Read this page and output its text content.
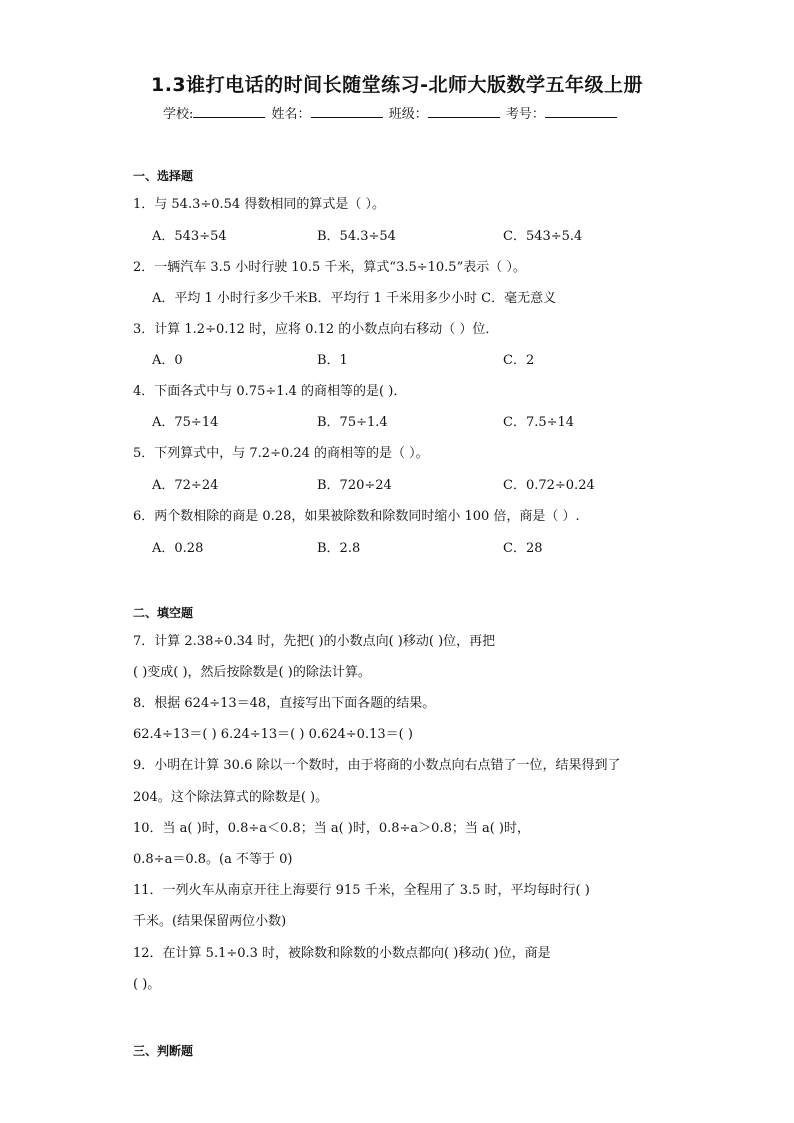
1.3谁打电话的时间长随堂练习-北师大版数学五年级上册
学校:	姓名：	班级：	考号：
一、选择题
1．与 54.3÷0.54 得数相同的算式是（ ）。
A．543÷54	B．54.3÷54	C．543÷5.4
2．一辆汽车 3.5 小时行驶 10.5 千米，算式“3.5÷10.5”表示（ ）。
A．平均 1 小时行多少千米B．平均行 1 千米用多少小时 C．毫无意义
3．计算 1.2÷0.12 时，应将 0.12 的小数点向右移动（ ）位．
A．0	B．1	C．2
4．下面各式中与 0.75÷1.4 的商相等的是( )．
A．75÷14	B．75÷1.4	C．7.5÷14
5．下列算式中，与 7.2÷0.24 的商相等的是（ ）。
A．72÷24	B．720÷24	C．0.72÷0.24
6．两个数相除的商是 0.28，如果被除数和除数同时缩小 100 倍，商是（ ）.
A．0.28	B．2.8	C．28
二、填空题
7．计算 2.38÷0.34 时，先把( )的小数点向( )移动( )位，再把
( )变成( )，然后按除数是( )的除法计算。
8．根据 624÷13＝48，直接写出下面各题的结果。
62.4÷13＝( ) 6.24÷13＝( ) 0.624÷0.13＝( )
9．小明在计算 30.6 除以一个数时，由于将商的小数点向右点错了一位，结果得到了
204。这个除法算式的除数是( )。
10．当 a( )时，0.8÷a＜0.8；当 a( )时，0.8÷a＞0.8；当 a( )时，
0.8÷a＝0.8。(a 不等于 0)
11．一列火车从南京开往上海要行 915 千米，全程用了 3.5 时，平均每时行( )
千米。(结果保留两位小数)
12．在计算 5.1÷0.3 时，被除数和除数的小数点都向( )移动( )位，商是
( )。
三、判断题
